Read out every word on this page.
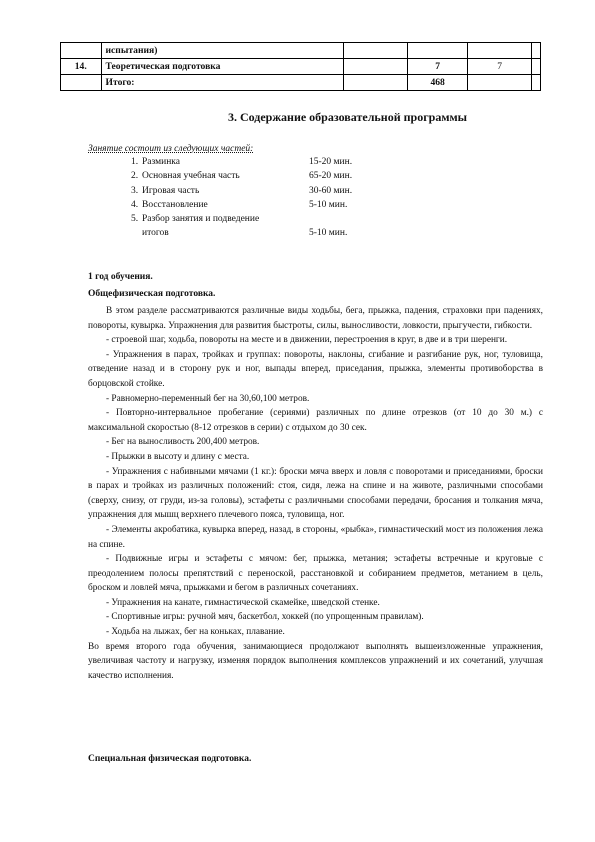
	испытания)				
14.	Теоретическая подготовка		7	7	
	Итого:		468		
3. Содержание образовательной программы
Занятие состоит из следующих частей:
1. Разминка	15-20 мин.
2. Основная учебная часть	65-20 мин.
3. Игровая часть	30-60 мин.
4. Восстановление	5-10 мин.
5. Разбор занятия и подведение
итогов	5-10 мин.
1 год обучения.
Общефизическая подготовка.

В этом разделе рассматриваются различные виды ходьбы, бега, прыжка, падения, страховки при падениях, повороты, кувырка. Упражнения для развития быстроты, силы, выносливости, ловкости, прыгучести, гибкости.

- строевой шаг, ходьба, повороты на месте и в движении, перестроения в круг, в две и в три шеренги.

- Упражнения в парах, тройках и группах: повороты, наклоны, сгибание и разгибание рук, ног, туловища, отведение назад и в сторону рук и ног, выпады вперед, приседания, прыжка, элементы противоборства в борцовской стойке.

- Равномерно-переменный бег на 30,60,100 метров.

- Повторно-интервальное пробегание (сериями) различных по длине отрезков (от 10 до 30 м.) с максимальной скоростью (8-12 отрезков в серии) с отдыхом до 30 сек.

- Бег на выносливость 200,400 метров.

- Прыжки в высоту и длину с места.

- Упражнения с набивными мячами (1 кг.): броски мяча вверх и ловля с поворотами и приседаниями, броски в парах и тройках из различных положений: стоя, сидя, лежа на спине и на животе, различными способами (сверху, снизу, от груди, из-за головы), эстафеты с различными способами передачи, бросания и толкания мяча, упражнения для мышц верхнего плечевого пояса, туловища, ног.

- Элементы акробатика, кувырка вперед, назад, в стороны, «рыбка», гимнастический мост из положения лежа на спине.

- Подвижные игры и эстафеты с мячом: бег, прыжка, метания; эстафеты встречные и круговые с преодолением полосы препятствий с переноской, расстановкой и собиранием предметов, метанием в цель, броском и ловлей мяча, прыжками и бегом в различных сочетаниях.

- Упражнения на канате, гимнастической скамейке, шведской стенке.

- Спортивные игры: ручной мяч, баскетбол, хоккей (по упрощенным правилам).

- Ходьба на лыжах, бег на коньках, плавание.

Во время второго года обучения, занимающиеся продолжают выполнять вышеизложенные упражнения, увеличивая частоту и нагрузку, изменяя порядок выполнения комплексов упражнений и их сочетаний, улучшая качество исполнения.

Специальная физическая подготовка.
